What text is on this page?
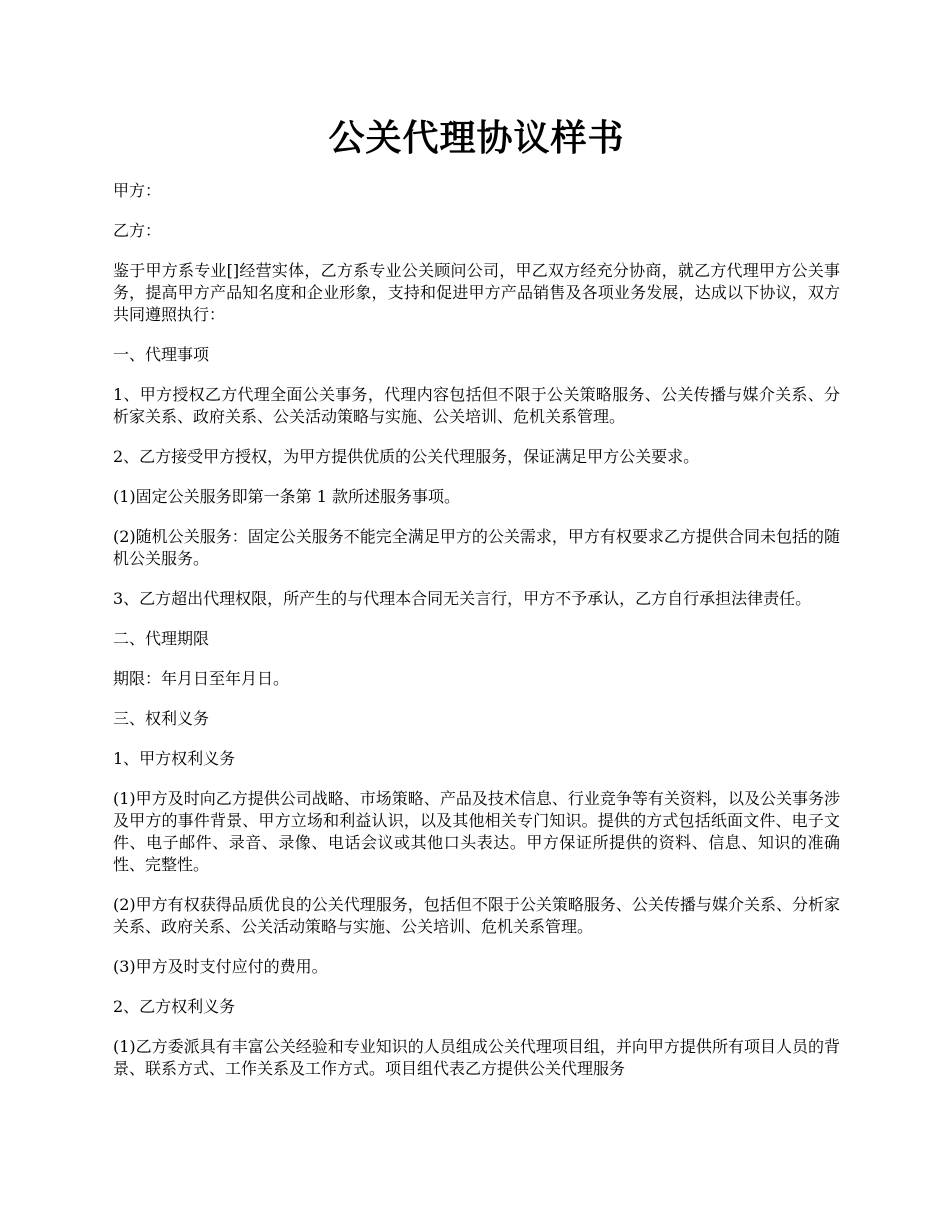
公关代理协议样书

甲方：

乙方：

鉴于甲方系专业[]经营实体，乙方系专业公关顾问公司，甲乙双方经充分协商，就乙方代理甲方公关事务，提高甲方产品知名度和企业形象，支持和促进甲方产品销售及各项业务发展，达成以下协议，双方共同遵照执行：

一、代理事项

1、甲方授权乙方代理全面公关事务，代理内容包括但不限于公关策略服务、公关传播与媒介关系、分析家关系、政府关系、公关活动策略与实施、公关培训、危机关系管理。

2、乙方接受甲方授权，为甲方提供优质的公关代理服务，保证满足甲方公关要求。

(1)固定公关服务即第一条第 1 款所述服务事项。

(2)随机公关服务：固定公关服务不能完全满足甲方的公关需求，甲方有权要求乙方提供合同未包括的随机公关服务。

3、乙方超出代理权限，所产生的与代理本合同无关言行，甲方不予承认，乙方自行承担法律责任。

二、代理期限

期限：年月日至年月日。

三、权利义务

1、甲方权利义务

(1)甲方及时向乙方提供公司战略、市场策略、产品及技术信息、行业竞争等有关资料，以及公关事务涉及甲方的事件背景、甲方立场和利益认识，以及其他相关专门知识。提供的方式包括纸面文件、电子文件、电子邮件、录音、录像、电话会议或其他口头表达。甲方保证所提供的资料、信息、知识的准确性、完整性。

(2)甲方有权获得品质优良的公关代理服务，包括但不限于公关策略服务、公关传播与媒介关系、分析家关系、政府关系、公关活动策略与实施、公关培训、危机关系管理。

(3)甲方及时支付应付的费用。

2、乙方权利义务

(1)乙方委派具有丰富公关经验和专业知识的人员组成公关代理项目组，并向甲方提供所有项目人员的背景、联系方式、工作关系及工作方式。项目组代表乙方提供公关代理服务
